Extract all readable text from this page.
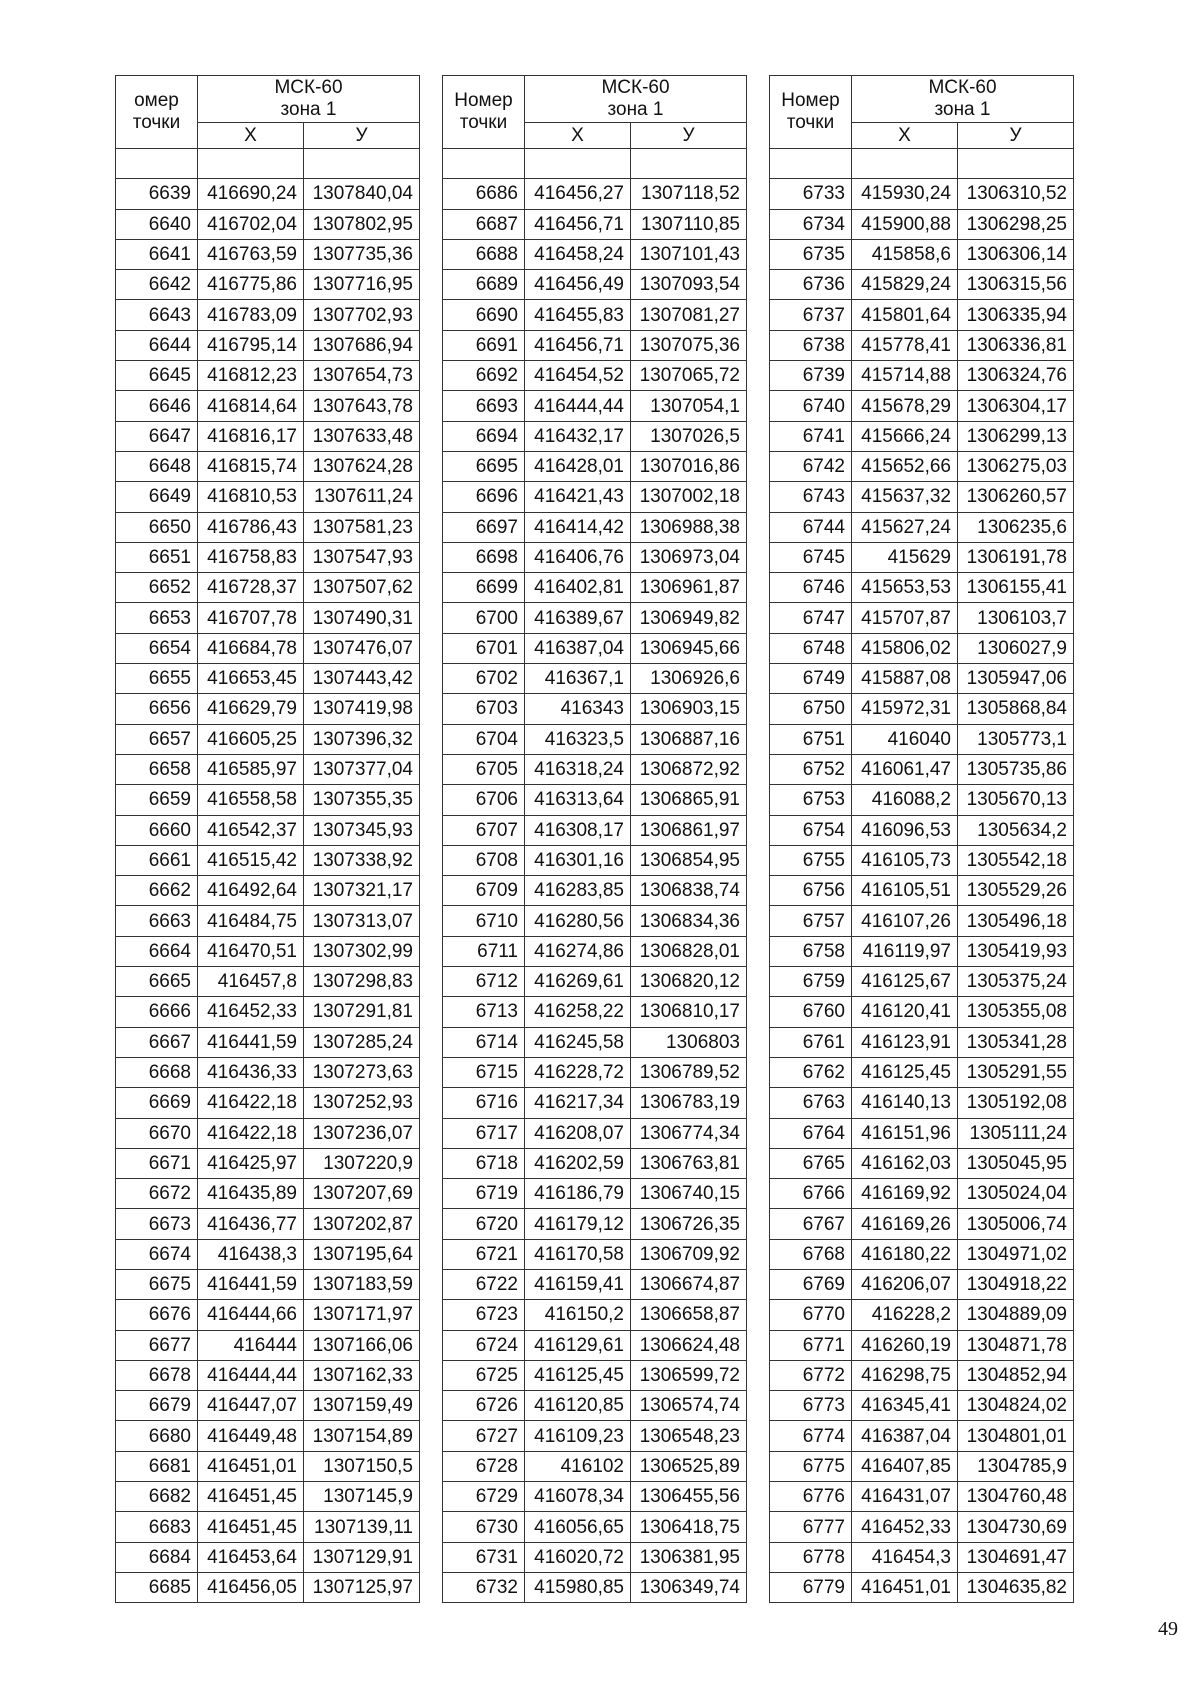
омер
точки	МСК-60
зона 1	
	X	У

6639	416690,24	1307840,04
6640	416702,04	1307802,95
6641	416763,59	1307735,36
6642	416775,86	1307716,95
6643	416783,09	1307702,93
6644	416795,14	1307686,94
6645	416812,23	1307654,73
6646	416814,64	1307643,78
6647	416816,17	1307633,48
6648	416815,74	1307624,28
6649	416810,53	1307611,24
6650	416786,43	1307581,23
6651	416758,83	1307547,93
6652	416728,37	1307507,62
6653	416707,78	1307490,31
6654	416684,78	1307476,07
6655	416653,45	1307443,42
6656	416629,79	1307419,98
6657	416605,25	1307396,32
6658	416585,97	1307377,04
6659	416558,58	1307355,35
6660	416542,37	1307345,93
6661	416515,42	1307338,92
6662	416492,64	1307321,17
6663	416484,75	1307313,07
6664	416470,51	1307302,99
6665	416457,8	1307298,83
6666	416452,33	1307291,81
6667	416441,59	1307285,24
6668	416436,33	1307273,63
6669	416422,18	1307252,93
6670	416422,18	1307236,07
6671	416425,97	1307220,9
6672	416435,89	1307207,69
6673	416436,77	1307202,87
6674	416438,3	1307195,64
6675	416441,59	1307183,59
6676	416444,66	1307171,97
6677	416444	1307166,06
6678	416444,44	1307162,33
6679	416447,07	1307159,49
6680	416449,48	1307154,89
6681	416451,01	1307150,5
6682	416451,45	1307145,9
6683	416451,45	1307139,11
6684	416453,64	1307129,91
6685	416456,05	1307125,97
Номер
точки	МСК-60
зона 1	
	X	У

6686	416456,27	1307118,52
6687	416456,71	1307110,85
6688	416458,24	1307101,43
6689	416456,49	1307093,54
6690	416455,83	1307081,27
6691	416456,71	1307075,36
6692	416454,52	1307065,72
6693	416444,44	1307054,1
6694	416432,17	1307026,5
6695	416428,01	1307016,86
6696	416421,43	1307002,18
6697	416414,42	1306988,38
6698	416406,76	1306973,04
6699	416402,81	1306961,87
6700	416389,67	1306949,82
6701	416387,04	1306945,66
6702	416367,1	1306926,6
6703	416343	1306903,15
6704	416323,5	1306887,16
6705	416318,24	1306872,92
6706	416313,64	1306865,91
6707	416308,17	1306861,97
6708	416301,16	1306854,95
6709	416283,85	1306838,74
6710	416280,56	1306834,36
6711	416274,86	1306828,01
6712	416269,61	1306820,12
6713	416258,22	1306810,17
6714	416245,58	1306803
6715	416228,72	1306789,52
6716	416217,34	1306783,19
6717	416208,07	1306774,34
6718	416202,59	1306763,81
6719	416186,79	1306740,15
6720	416179,12	1306726,35
6721	416170,58	1306709,92
6722	416159,41	1306674,87
6723	416150,2	1306658,87
6724	416129,61	1306624,48
6725	416125,45	1306599,72
6726	416120,85	1306574,74
6727	416109,23	1306548,23
6728	416102	1306525,89
6729	416078,34	1306455,56
6730	416056,65	1306418,75
6731	416020,72	1306381,95
6732	415980,85	1306349,74
Номер
точки	МСК-60
зона 1	
	X	У

6733	415930,24	1306310,52
6734	415900,88	1306298,25
6735	415858,6	1306306,14
6736	415829,24	1306315,56
6737	415801,64	1306335,94
6738	415778,41	1306336,81
6739	415714,88	1306324,76
6740	415678,29	1306304,17
6741	415666,24	1306299,13
6742	415652,66	1306275,03
6743	415637,32	1306260,57
6744	415627,24	1306235,6
6745	415629	1306191,78
6746	415653,53	1306155,41
6747	415707,87	1306103,7
6748	415806,02	1306027,9
6749	415887,08	1305947,06
6750	415972,31	1305868,84
6751	416040	1305773,1
6752	416061,47	1305735,86
6753	416088,2	1305670,13
6754	416096,53	1305634,2
6755	416105,73	1305542,18
6756	416105,51	1305529,26
6757	416107,26	1305496,18
6758	416119,97	1305419,93
6759	416125,67	1305375,24
6760	416120,41	1305355,08
6761	416123,91	1305341,28
6762	416125,45	1305291,55
6763	416140,13	1305192,08
6764	416151,96	1305111,24
6765	416162,03	1305045,95
6766	416169,92	1305024,04
6767	416169,26	1305006,74
6768	416180,22	1304971,02
6769	416206,07	1304918,22
6770	416228,2	1304889,09
6771	416260,19	1304871,78
6772	416298,75	1304852,94
6773	416345,41	1304824,02
6774	416387,04	1304801,01
6775	416407,85	1304785,9
6776	416431,07	1304760,48
6777	416452,33	1304730,69
6778	416454,3	1304691,47
6779	416451,01	1304635,82
49
